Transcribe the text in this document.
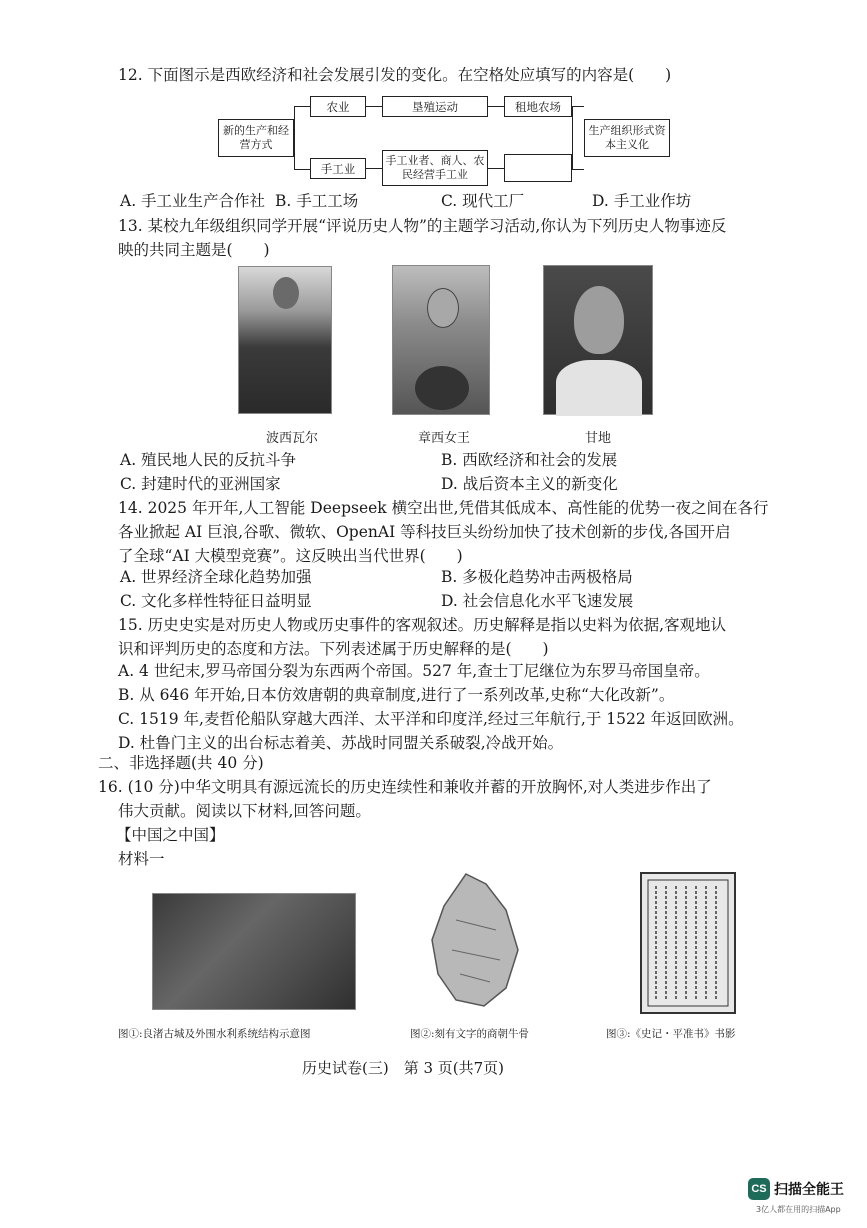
12. 下面图示是西欧经济和社会发展引发的变化。在空格处应填写的内容是(　　)
新的生产和经营方式
农业	垦殖运动	租地农场
手工业
手工业者、商人、农民经营手工业
生产组织形式资本主义化
A. 手工业生产合作社 B. 手工工场	C. 现代工厂	D. 手工业作坊
13. 某校九年级组织同学开展“评说历史人物”的主题学习活动,你认为下列历史人物事迹反
映的共同主题是(　　)
波西瓦尔	章西女王	甘地
A. 殖民地人民的反抗斗争	B. 西欧经济和社会的发展
C. 封建时代的亚洲国家	D. 战后资本主义的新变化
14. 2025 年开年,人工智能 Deepseek 横空出世,凭借其低成本、高性能的优势一夜之间在各行
各业掀起 AI 巨浪,谷歌、微软、OpenAI 等科技巨头纷纷加快了技术创新的步伐,各国开启
了全球“AI 大模型竞赛”。这反映出当代世界(　　)
A. 世界经济全球化趋势加强	B. 多极化趋势冲击两极格局
C. 文化多样性特征日益明显	D. 社会信息化水平飞速发展
15. 历史史实是对历史人物或历史事件的客观叙述。历史解释是指以史料为依据,客观地认
识和评判历史的态度和方法。下列表述属于历史解释的是(　　)
A. 4 世纪末,罗马帝国分裂为东西两个帝国。527 年,查士丁尼继位为东罗马帝国皇帝。
B. 从 646 年开始,日本仿效唐朝的典章制度,进行了一系列改革,史称“大化改新”。
C. 1519 年,麦哲伦船队穿越大西洋、太平洋和印度洋,经过三年航行,于 1522 年返回欧洲。
D. 杜鲁门主义的出台标志着美、苏战时同盟关系破裂,冷战开始。
二、非选择题(共 40 分)
16. (10 分)中华文明具有源远流长的历史连续性和兼收并蓄的开放胸怀,对人类进步作出了
伟大贡献。阅读以下材料,回答问题。
【中国之中国】
材料一
图①:良渚古城及外围水利系统结构示意图	图②:刻有文字的商朝牛骨	图③:《史记・平准书》书影
历史试卷(三)　第 3 页(共7页)
CS 扫描全能王
3亿人都在用的扫描App
